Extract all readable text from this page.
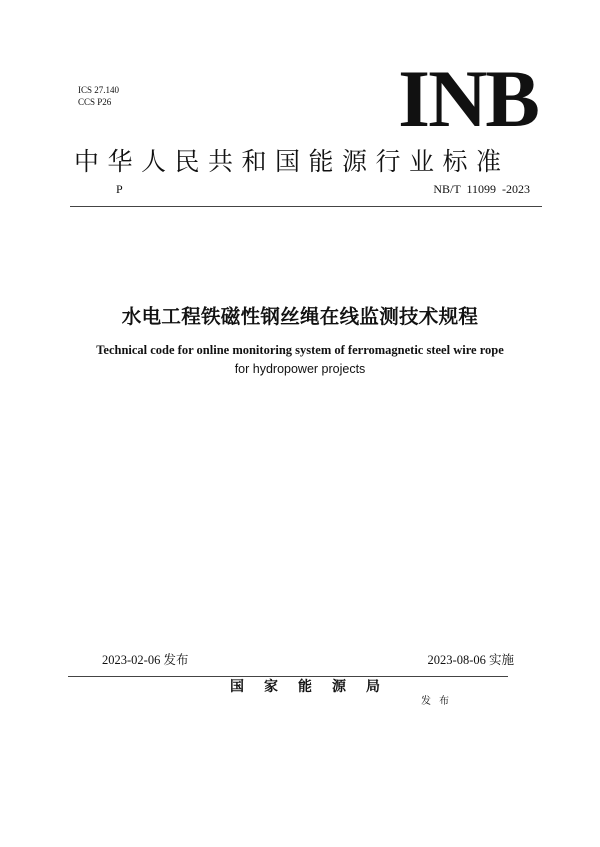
ICS 27.140
CCS P26	INB
中华人民共和国能源行业标准
P	NB/T  11099  -2023
水电工程铁磁性钢丝绳在线监测技术规程
Technical code for online monitoring system of ferromagnetic steel wire rope
for hydropower projects
2023-02-06 发布	2023-08-06 实施
国家能源局
发布
